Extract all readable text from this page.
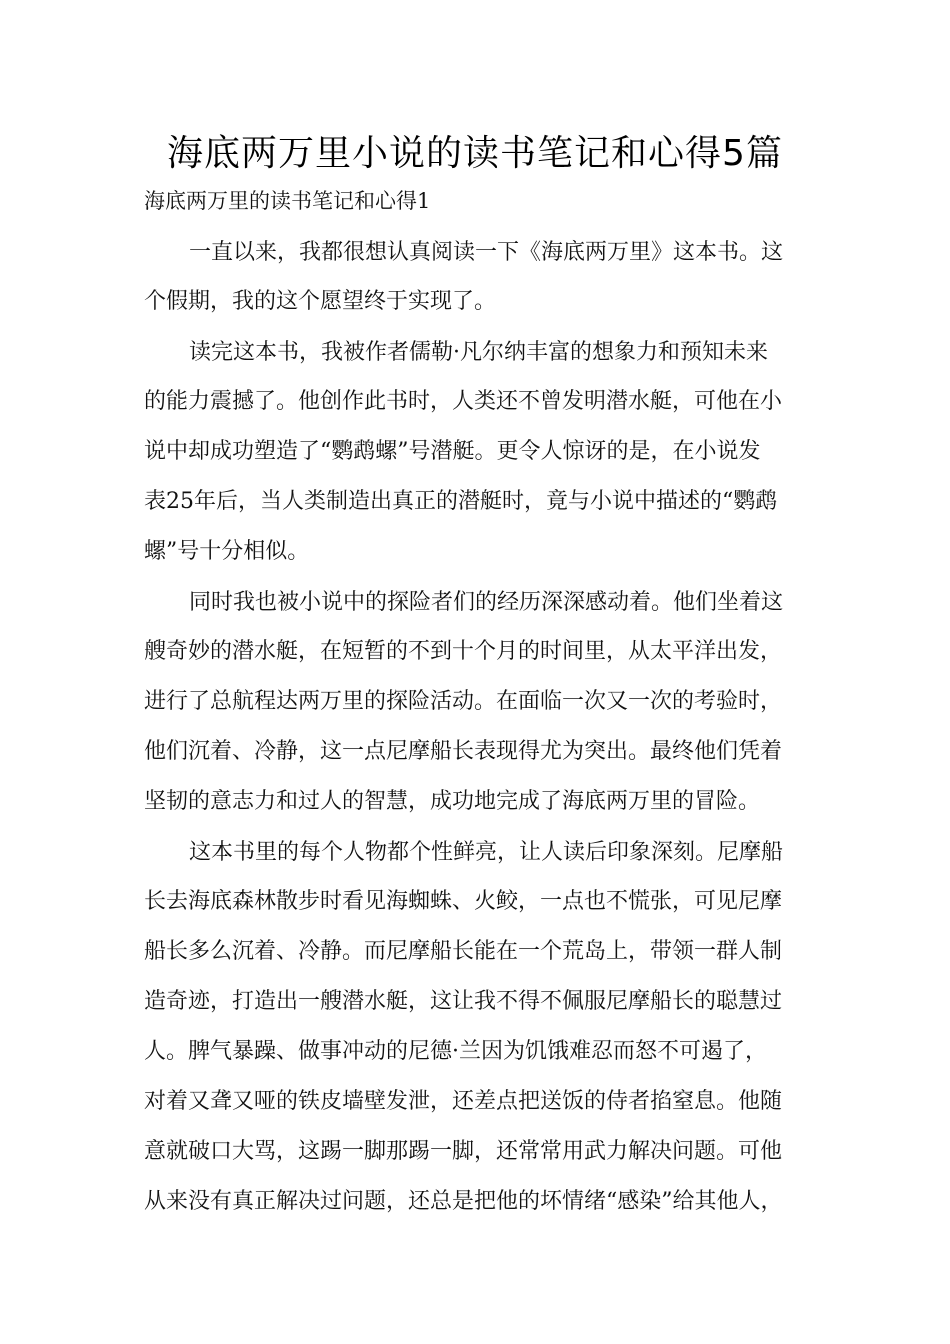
海底两万里小说的读书笔记和心得5篇

海底两万里的读书笔记和心得1

一直以来，我都很想认真阅读一下《海底两万里》这本书。这

个假期，我的这个愿望终于实现了。

读完这本书，我被作者儒勒·凡尔纳丰富的想象力和预知未来

的能力震撼了。他创作此书时，人类还不曾发明潜水艇，可他在小

说中却成功塑造了“鹦鹉螺”号潜艇。更令人惊讶的是，在小说发

表25年后，当人类制造出真正的潜艇时，竟与小说中描述的“鹦鹉

螺”号十分相似。

同时我也被小说中的探险者们的经历深深感动着。他们坐着这

艘奇妙的潜水艇，在短暂的不到十个月的时间里，从太平洋出发，

进行了总航程达两万里的探险活动。在面临一次又一次的考验时，

他们沉着、冷静，这一点尼摩船长表现得尤为突出。最终他们凭着

坚韧的意志力和过人的智慧，成功地完成了海底两万里的冒险。

这本书里的每个人物都个性鲜亮，让人读后印象深刻。尼摩船

长去海底森林散步时看见海蜘蛛、火鲛，一点也不慌张，可见尼摩

船长多么沉着、冷静。而尼摩船长能在一个荒岛上，带领一群人制

造奇迹，打造出一艘潜水艇，这让我不得不佩服尼摩船长的聪慧过

人。脾气暴躁、做事冲动的尼德·兰因为饥饿难忍而怒不可遏了，

对着又聋又哑的铁皮墙壁发泄，还差点把送饭的侍者掐窒息。他随

意就破口大骂，这踢一脚那踢一脚，还常常用武力解决问题。可他

从来没有真正解决过问题，还总是把他的坏情绪“感染”给其他人，
